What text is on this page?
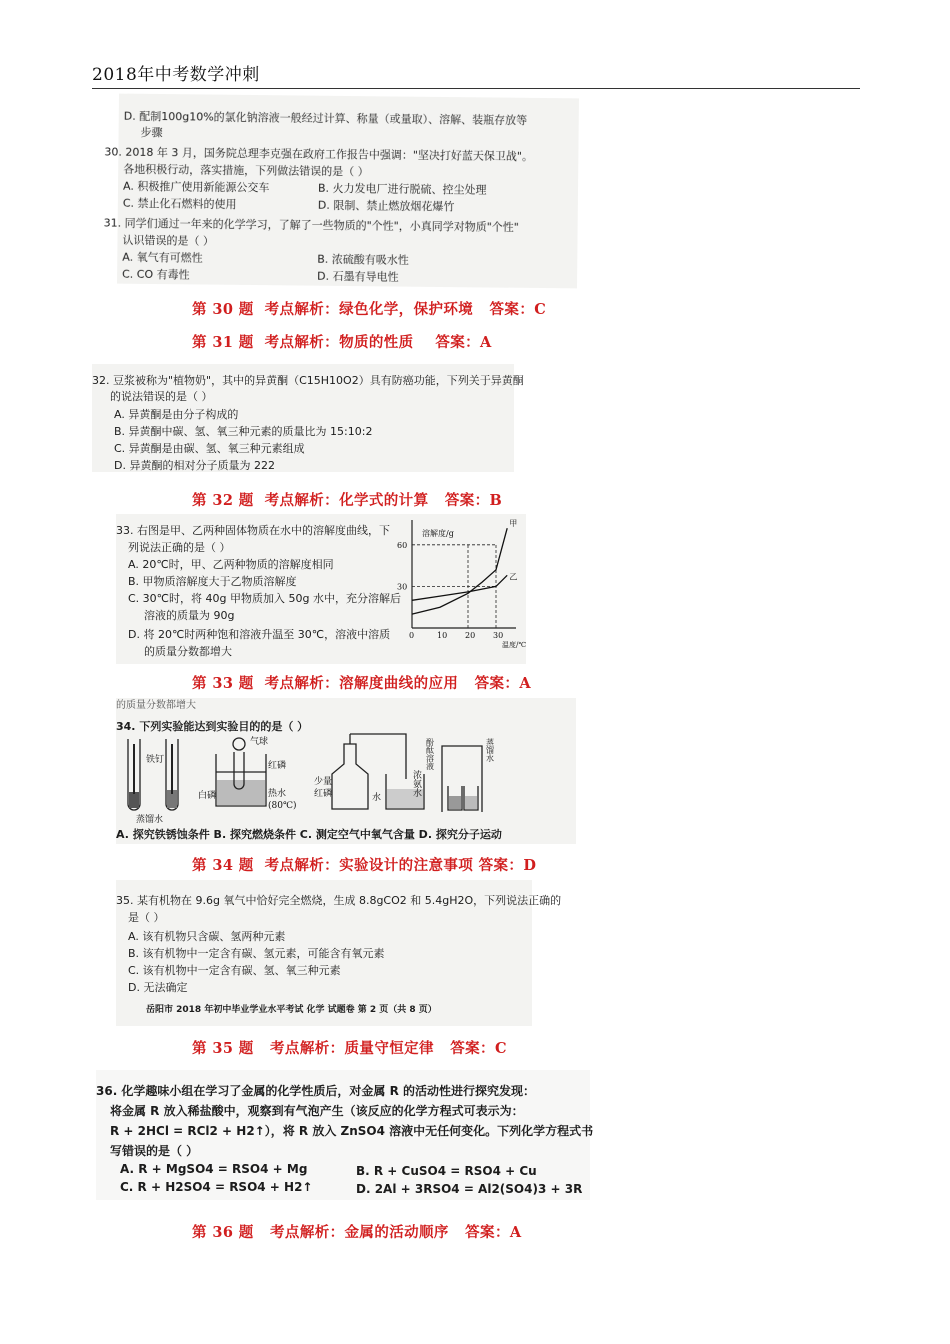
2018年中考数学冲刺
D. 配制100g10%的氯化钠溶液一般经过计算、称量（或量取）、溶解、装瓶存放等
步骤
30. 2018 年 3 月，国务院总理李克强在政府工作报告中强调："坚决打好蓝天保卫战"。
各地积极行动，落实措施，下列做法错误的是（ ）
A. 积极推广使用新能源公交车	B. 火力发电厂进行脱硫、控尘处理
C. 禁止化石燃料的使用	D. 限制、禁止燃放烟花爆竹
31. 同学们通过一年来的化学学习，了解了一些物质的"个性"，小真同学对物质"个性"
认识错误的是（ ）
A. 氧气有可燃性	B. 浓硫酸有吸水性
C. CO 有毒性	D. 石墨有导电性
第 30 题  考点解析：绿色化学，保护环境   答案：C
第 31 题  考点解析：物质的性质    答案：A
32. 豆浆被称为"植物奶"，其中的异黄酮（C15H10O2）具有防癌功能，下列关于异黄酮
的说法错误的是（ ）
A. 异黄酮是由分子构成的
B. 异黄酮中碳、氢、氧三种元素的质量比为 15:10:2
C. 异黄酮是由碳、氢、氧三种元素组成
D. 异黄酮的相对分子质量为 222
第 32 题  考点解析：化学式的计算   答案：B
33. 右图是甲、乙两种固体物质在水中的溶解度曲线，下
列说法正确的是（ ）
A. 20℃时，甲、乙两种物质的溶解度相同
B. 甲物质溶解度大于乙物质溶解度
C. 30℃时，将 40g 甲物质加入 50g 水中，充分溶解后
溶液的质量为 90g
D. 将 20℃时两种饱和溶液升温至 30℃，溶液中溶质
的质量分数都增大
溶解度/g
温度/℃
0	10 20 30
30
60
甲
乙
第 33 题  考点解析：溶解度曲线的应用   答案：A
的质量分数都增大
34. 下列实验能达到实验目的的是（ ）
铁钉
蒸馏水
气球
红磷
白磷	热水
(80℃)
少量
红磷	水
浓氨水
酚酞溶液	蒸馏水
A. 探究铁锈蚀条件 B. 探究燃烧条件 C. 测定空气中氧气含量 D. 探究分子运动
第 34 题  考点解析：实验设计的注意事项 答案：D
35. 某有机物在 9.6g 氧气中恰好完全燃烧，生成 8.8gCO2 和 5.4gH2O，下列说法正确的
是（ ）
A. 该有机物只含碳、氢两种元素
B. 该有机物中一定含有碳、氢元素，可能含有氧元素
C. 该有机物中一定含有碳、氢、氧三种元素
D. 无法确定
岳阳市 2018 年初中毕业学业水平考试 化学 试题卷 第 2 页（共 8 页）
第 35 题   考点解析：质量守恒定律   答案：C
36. 化学趣味小组在学习了金属的化学性质后，对金属 R 的活动性进行探究发现：
将金属 R 放入稀盐酸中，观察到有气泡产生（该反应的化学方程式可表示为：
R + 2HCl = RCl2 + H2↑），将 R 放入 ZnSO4 溶液中无任何变化。下列化学方程式书
写错误的是（ ）
A. R + MgSO4 = RSO4 + Mg	B. R + CuSO4 = RSO4 + Cu
C. R + H2SO4 = RSO4 + H2↑	D. 2Al + 3RSO4 = Al2(SO4)3 + 3R
第 36 题   考点解析：金属的活动顺序   答案：A
